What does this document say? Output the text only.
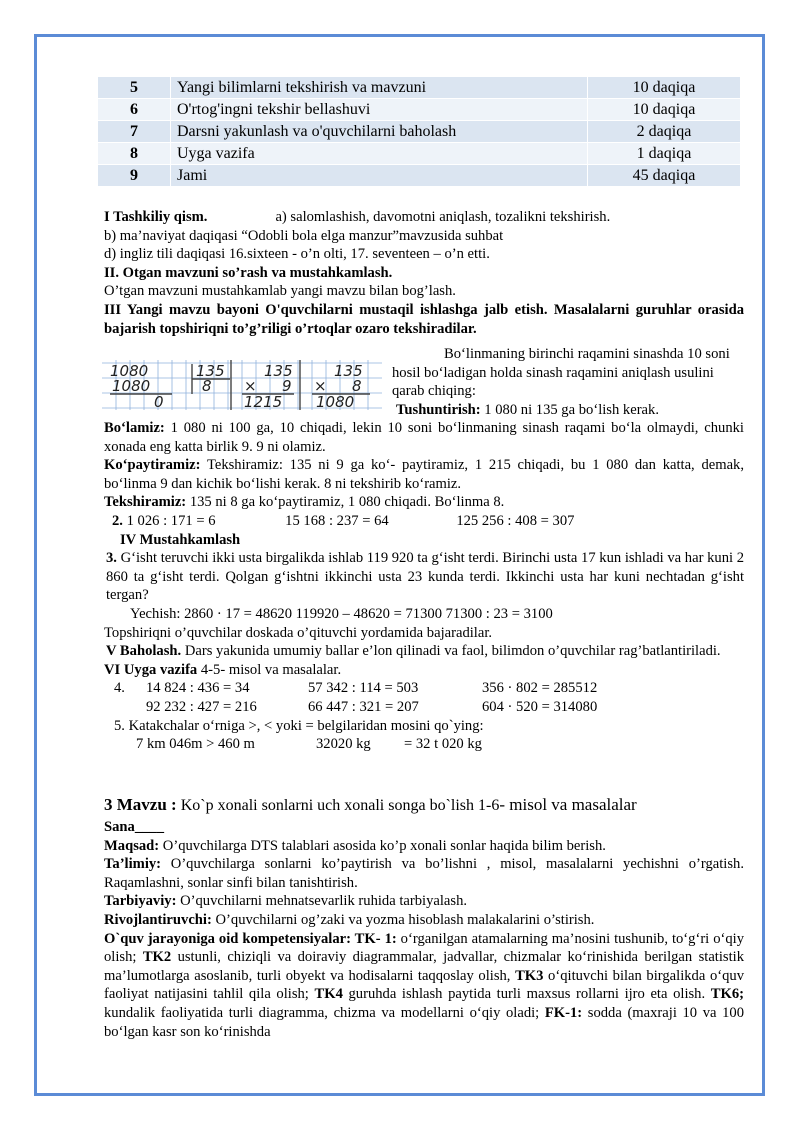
5	Yangi bilimlarni tekshirish va mavzuni	10 daqiqa
6	O'rtog'ingni tekshir bellashuvi	10 daqiqa
7	Darsni yakunlash va o'quvchilarni baholash	2 daqiqa
8	Uyga vazifa	1 daqiqa
9	Jami	45 daqiqa
I Tashkiliy qism.	a) salomlashish, davomotni aniqlash, tozalikni tekshirish.
b) ma’naviyat daqiqasi “Odobli bola elga manzur”mavzusida suhbat
d) ingliz tili daqiqasi 16.sixteen - o’n olti, 17. seventeen – o’n etti.
II. Otgan mavzuni so’rash va mustahkamlash.
O’tgan mavzuni mustahkamlab yangi mavzu bilan bog’lash.
III Yangi mavzu bayoni O'quvchilarni mustaqil ishlashga jalb etish. Masalalarni guruhlar orasida bajarish topshiriqni to’g’riligi o’rtoqlar ozaro tekshiradilar.
1080	135
1080	8
0
135
× 9
1215
135
× 8
1080
Bo‘linmaning birinchi raqamini sinashda 10 soni hosil bo‘ladigan holda sinash raqamini aniqlash usulini qarab chiqing:
Tushuntirish: 1 080 ni 135 ga bo‘lish kerak.
Bo‘lamiz: 1 080 ni 100 ga, 10 chiqadi, lekin 10 soni bo‘linmaning sinash raqami bo‘la olmaydi, chunki xonada eng katta birlik 9. 9 ni olamiz.
Ko‘paytiramiz: Tekshiramiz: 135 ni 9 ga ko‘- paytiramiz, 1 215 chiqadi, bu 1 080 dan katta, demak, bo‘linma 9 dan kichik bo‘lishi kerak. 8 ni tekshirib ko‘ramiz.
Tekshiramiz: 135 ni 8 ga ko‘paytiramiz, 1 080 chiqadi. Bo‘linma 8.
2. 1 026 : 171 = 6	15 168 : 237 = 64	125 256 : 408 = 307
IV Mustahkamlash
3. G‘isht teruvchi ikki usta birgalikda ishlab 119 920 ta g‘isht terdi. Birinchi usta 17 kun ishladi va har kuni 2 860 ta g‘isht terdi. Qolgan g‘ishtni ikkinchi usta 23 kunda terdi. Ikkinchi usta har kuni nechtadan g‘isht tergan?
Yechish: 2860 · 17 = 48620 119920 – 48620 = 71300 71300 : 23 = 3100
Topshiriqni o’quvchilar doskada o’qituvchi yordamida bajaradilar.
V Baholash. Dars yakunida umumiy ballar e’lon qilinadi va faol, bilimdon o’quvchilar rag’batlantiriladi.
VI Uyga vazifa 4-5- misol va masalalar.
4. 14 824 : 436 = 34	57 342 : 114 = 503	356 · 802 = 285512
92 232 : 427 = 216	66 447 : 321 = 207	604 · 520 = 314080
5. Katakchalar o‘rniga >, < yoki = belgilaridan mosini qo`ying:
7 km 046m > 460 m	32020 kg = 32 t 020 kg
3 Mavzu : Ko`p xonali sonlarni uch xonali songa bo`lish 1-6- misol va masalalar
Sana____
Maqsad: O’quvchilarga DTS talablari asosida ko’p xonali sonlar haqida bilim berish.
Ta’limiy: O’quvchilarga sonlarni ko’paytirish va bo’lishni , misol, masalalarni yechishni o’rgatish. Raqamlashni, sonlar sinfi bilan tanishtirish.
Tarbiyaviy: O’quvchilarni mehnatsevarlik ruhida tarbiyalash.
Rivojlantiruvchi: O’quvchilarni og’zaki va yozma hisoblash malakalarini o’stirish.
O`quv jarayoniga oid kompetensiyalar: TK- 1: o‘rganilgan atamalarning ma’nosini tushunib, to‘g‘ri o‘qiy olish; TK2 ustunli, chiziqli va doiraviy diagrammalar, jadvallar, chizmalar ko‘rinishida berilgan statistik ma’lumotlarga asoslanib, turli obyekt va hodisalarni taqqoslay olish, TK3 o‘qituvchi bilan birgalikda o‘quv faoliyat natijasini tahlil qila olish; TK4 guruhda ishlash paytida turli maxsus rollarni ijro eta olish. TK6; kundalik faoliyatida turli diagramma, chizma va modellarni o‘qiy oladi; FK-1: sodda (maxraji 10 va 100 bo‘lgan kasr son ko‘rinishda
